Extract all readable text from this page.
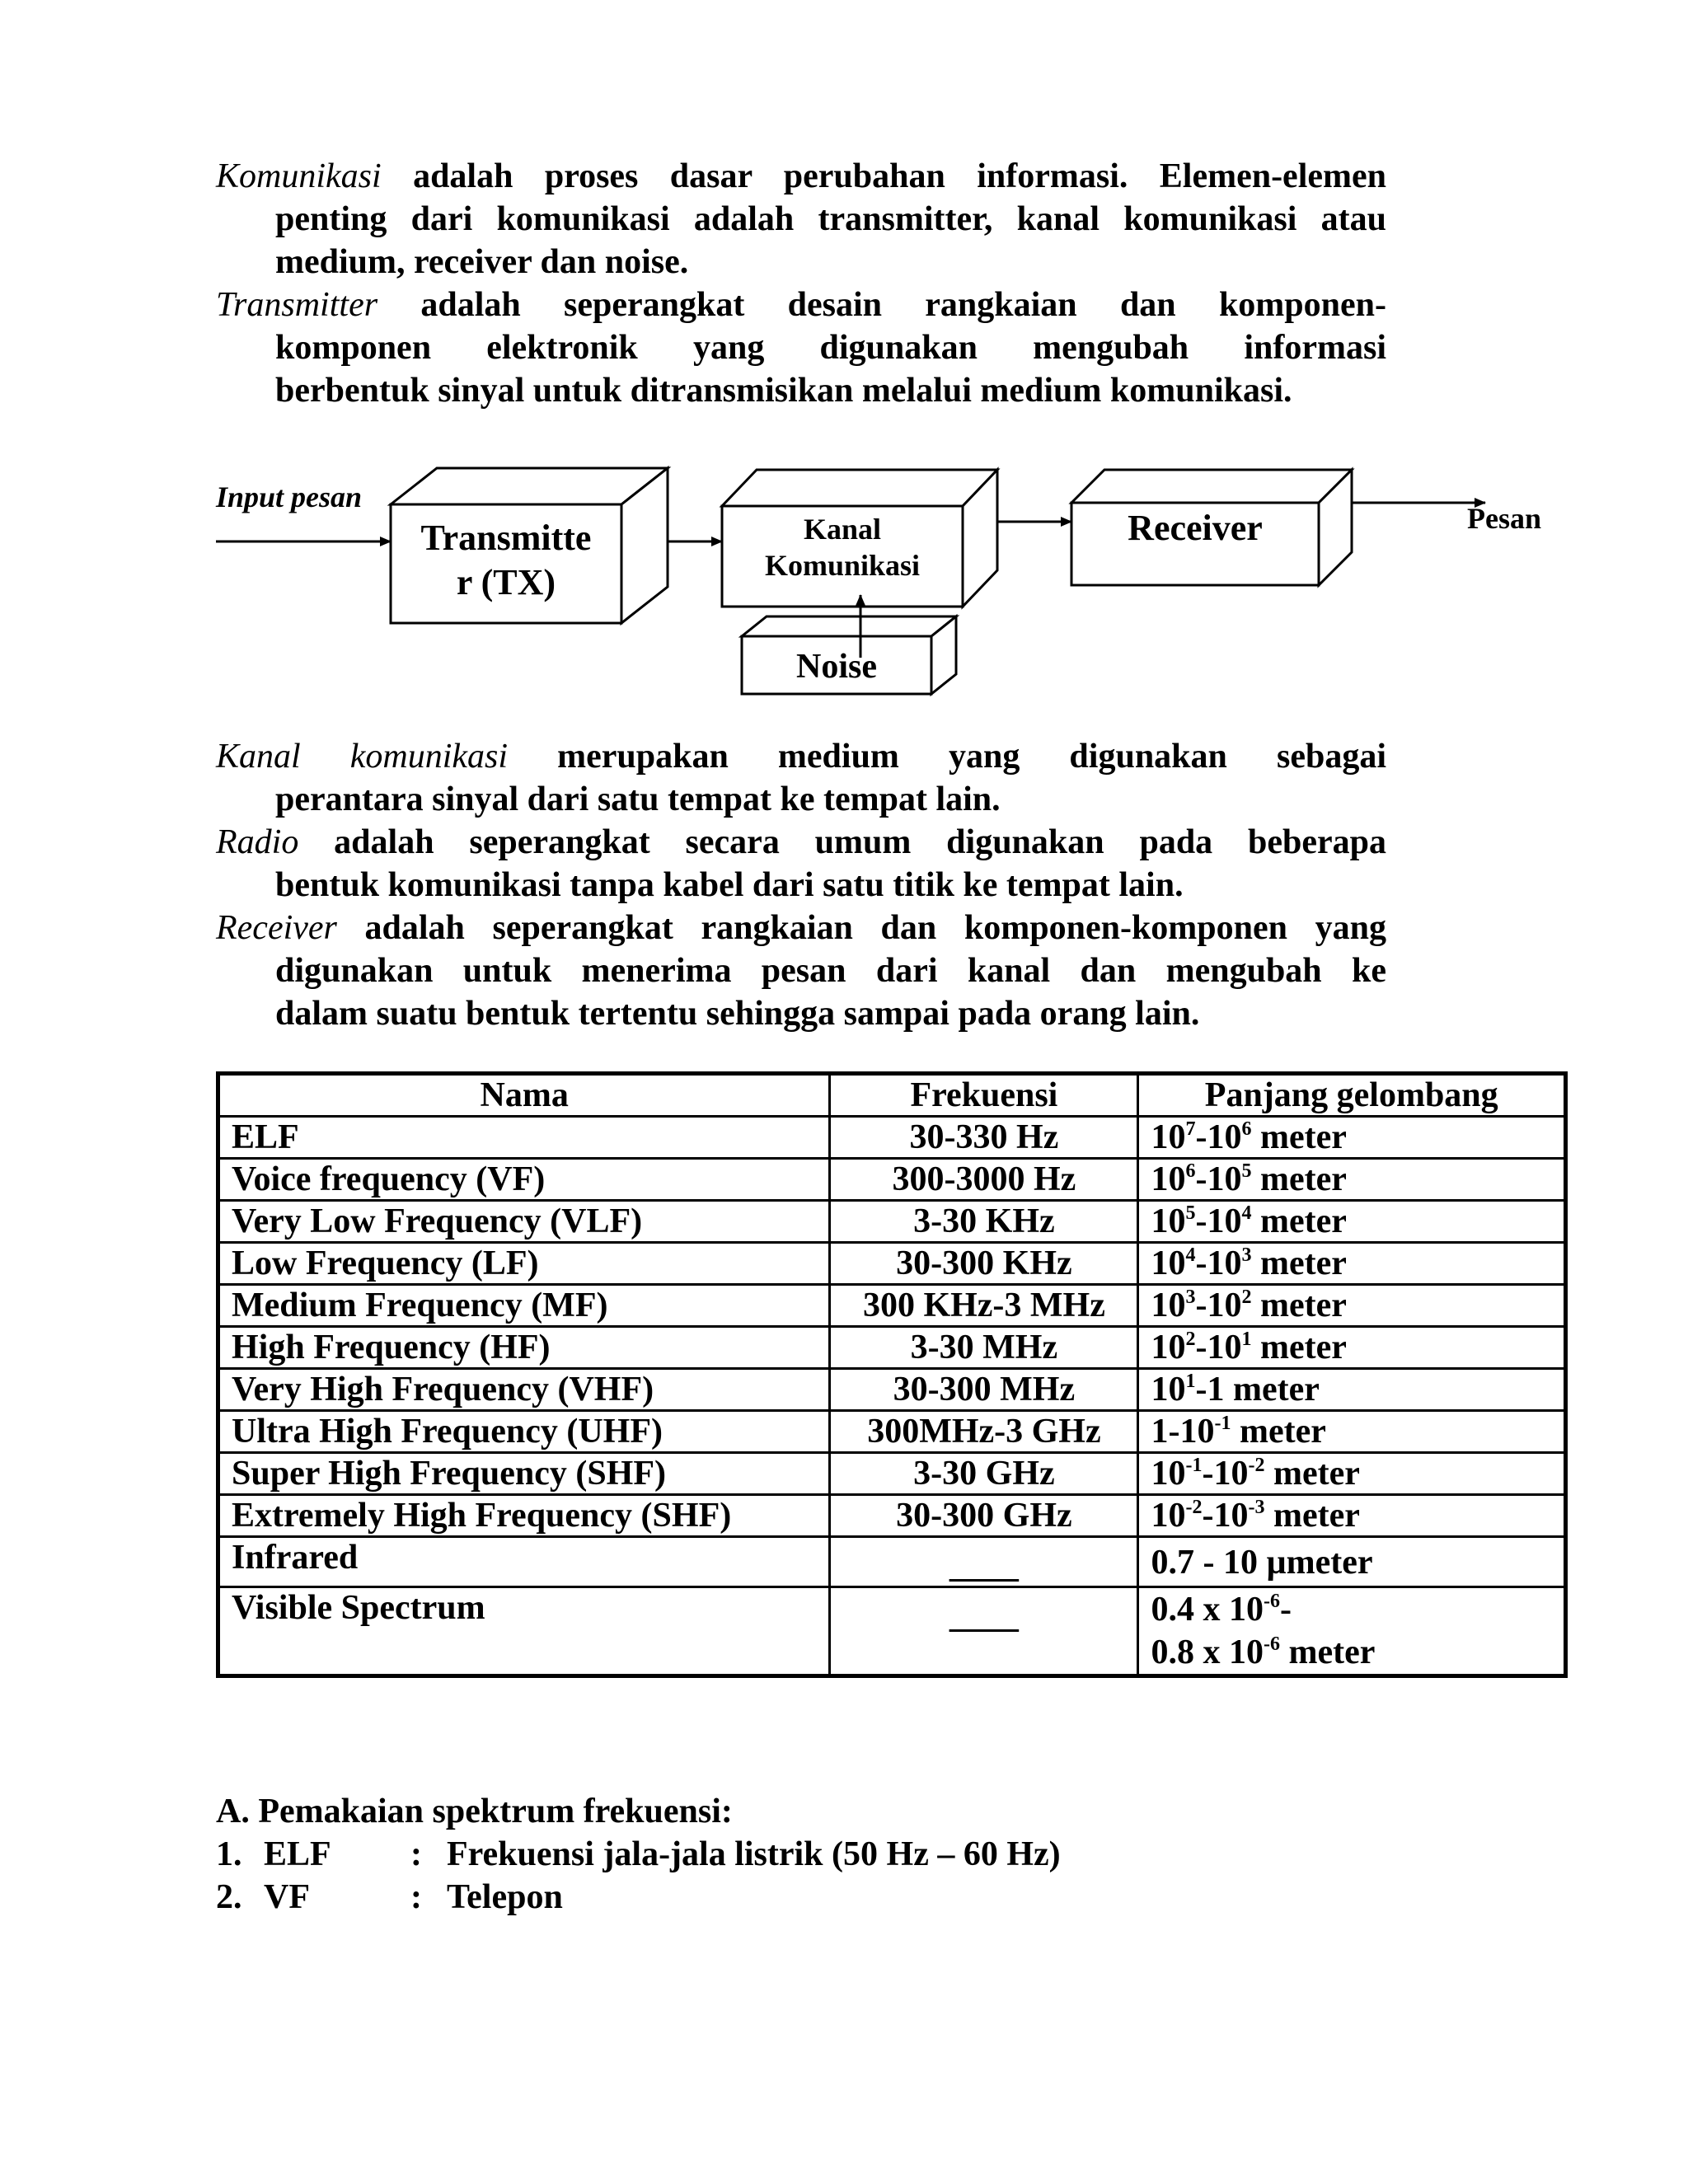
Komunikasi adalah proses dasar perubahan informasi. Elemen-elemen
penting dari komunikasi adalah transmitter, kanal komunikasi atau
medium, receiver dan noise.
Transmitter adalah seperangkat desain rangkaian dan komponen-
komponen elektronik yang digunakan mengubah informasi
berbentuk sinyal untuk ditransmisikan melalui medium komunikasi.
Input pesan
Transmitte
r (TX)
Kanal
Komunikasi
Receiver
Noise
Pesan
Kanal komunikasi merupakan medium yang digunakan sebagai
perantara sinyal dari satu tempat ke tempat lain.
Radio adalah seperangkat secara umum digunakan pada beberapa
bentuk komunikasi tanpa kabel dari satu titik ke tempat lain.
Receiver adalah seperangkat rangkaian dan komponen-komponen yang
digunakan untuk menerima pesan dari kanal dan mengubah ke
dalam suatu bentuk tertentu sehingga sampai pada orang lain.
Nama	Frekuensi	Panjang gelombang
ELF	30-330 Hz	$10^7-10^6$ meter
Voice frequency (VF)	300-3000 Hz	$10^6-10^5$ meter
Very Low Frequency (VLF)	3-30 KHz	$10^5-10^4$ meter
Low Frequency (LF)	30-300 KHz	$10^4-10^3$ meter
Medium Frequency (MF)	300 KHz-3 MHz	$10^3-10^2$ meter
High Frequency (HF)	3-30 MHz	$10^2-10^1$ meter
Very High Frequency (VHF)	30-300 MHz	$10^1-1$ meter
Ultra High Frequency (UHF)	300MHz-3 GHz	$1-10^{-1}$ meter
Super High Frequency (SHF)	3-30 GHz	$10^{-1}-10^{-2}$ meter
Extremely High Frequency (SHF)	30-300 GHz	$10^{-2}-10^{-3}$ meter
Infrared	____	0.7 - 10 µmeter
Visible Spectrum	____	0.4 x $10^{-6}-$
0.8 x $10^{-6}$ meter
A. Pemakaian spektrum frekuensi:
1. ELF : Frekuensi jala-jala listrik (50 Hz – 60 Hz)
2. VF	: Telepon
